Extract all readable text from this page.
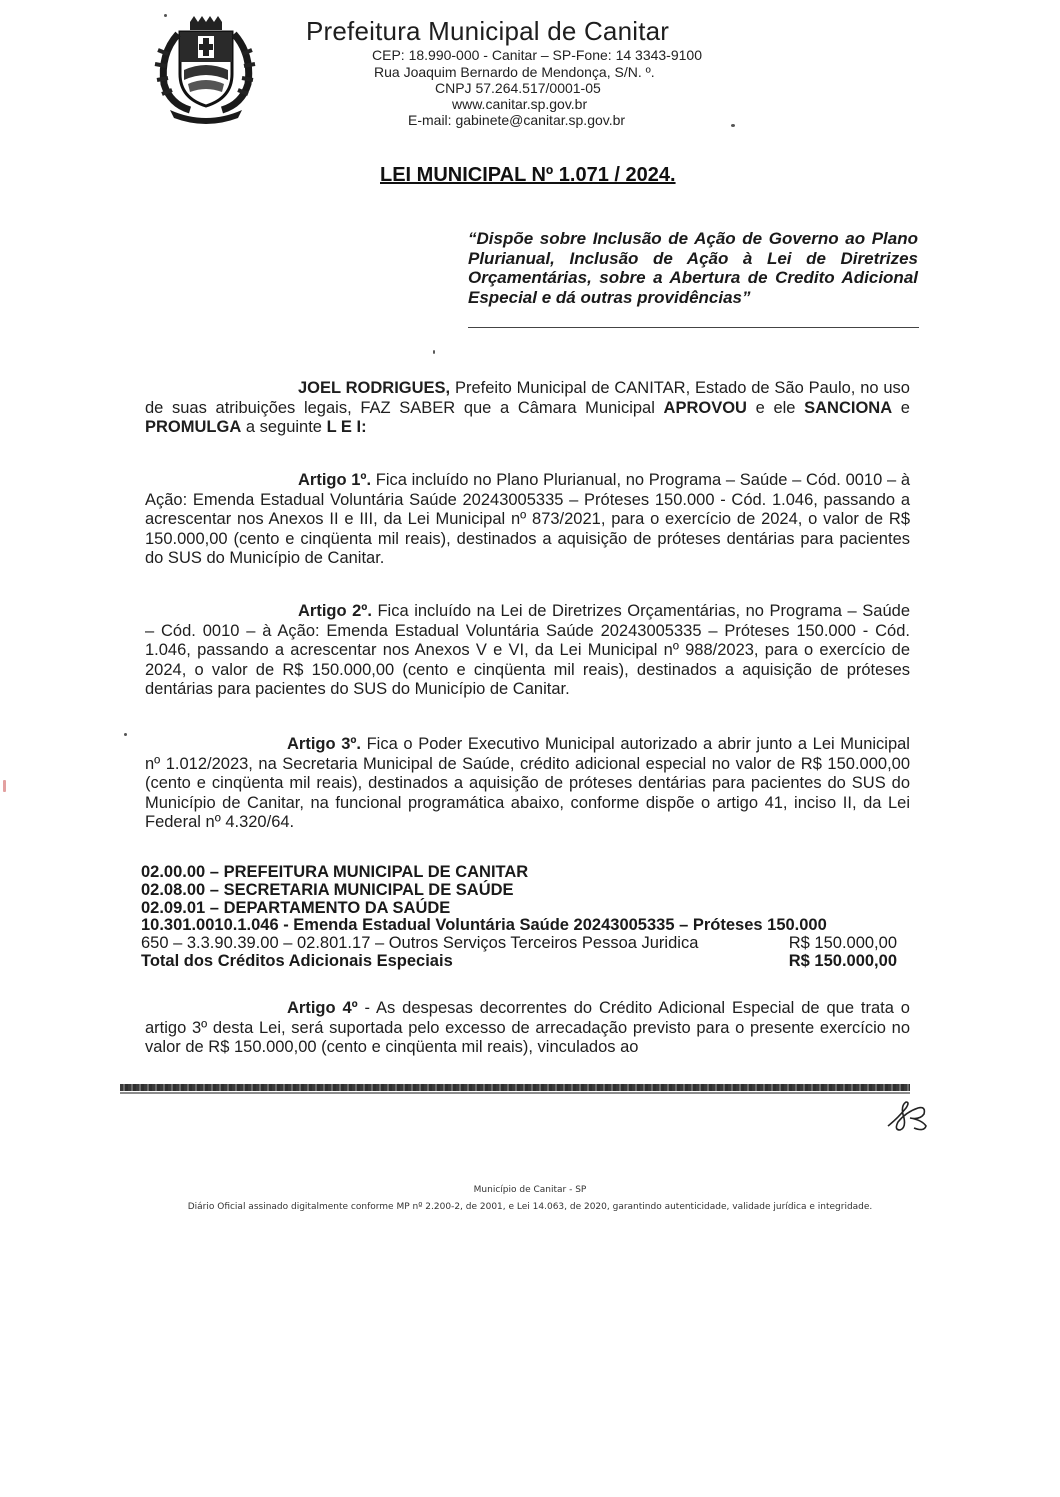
Prefeitura Municipal de Canitar
CEP: 18.990-000 - Canitar – SP-Fone: 14 3343-9100
Rua Joaquim Bernardo de Mendonça, S/N. º.
CNPJ 57.264.517/0001-05
www.canitar.sp.gov.br
E-mail: gabinete@canitar.sp.gov.br
LEI MUNICIPAL Nº 1.071 / 2024.
“Dispõe sobre Inclusão de Ação de Governo ao Plano Plurianual, Inclusão de Ação à Lei de Diretrizes Orçamentárias, sobre a Abertura de Credito Adicional Especial e dá outras providências”
JOEL RODRIGUES, Prefeito Municipal de CANITAR, Estado de São Paulo, no uso de suas atribuições legais, FAZ SABER que a Câmara Municipal APROVOU e ele SANCIONA e PROMULGA a seguinte L E I:
Artigo 1º. Fica incluído no Plano Plurianual, no Programa – Saúde – Cód. 0010 – à Ação: Emenda Estadual Voluntária Saúde 20243005335 – Próteses 150.000 - Cód. 1.046, passando a acrescentar nos Anexos II e III, da Lei Municipal nº 873/2021, para o exercício de 2024, o valor de R$ 150.000,00 (cento e cinqüenta mil reais), destinados a aquisição de próteses dentárias para pacientes do SUS do Município de Canitar.
Artigo 2º. Fica incluído na Lei de Diretrizes Orçamentárias, no Programa – Saúde – Cód. 0010 – à Ação: Emenda Estadual Voluntária Saúde 20243005335 – Próteses 150.000 - Cód. 1.046, passando a acrescentar nos Anexos V e VI, da Lei Municipal nº 988/2023, para o exercício de 2024, o valor de R$ 150.000,00 (cento e cinqüenta mil reais), destinados a aquisição de próteses dentárias para pacientes do SUS do Município de Canitar.
Artigo 3º. Fica o Poder Executivo Municipal autorizado a abrir junto a Lei Municipal nº 1.012/2023, na Secretaria Municipal de Saúde, crédito adicional especial no valor de R$ 150.000,00 (cento e cinqüenta mil reais), destinados a aquisição de próteses dentárias para pacientes do SUS do Município de Canitar, na funcional programática abaixo, conforme dispõe o artigo 41, inciso II, da Lei Federal nº 4.320/64.
02.00.00 – PREFEITURA MUNICIPAL DE CANITAR
02.08.00 – SECRETARIA MUNICIPAL DE SAÚDE
02.09.01 – DEPARTAMENTO DA SAÚDE
10.301.0010.1.046 - Emenda Estadual Voluntária Saúde 20243005335 – Próteses 150.000
650 – 3.3.90.39.00 – 02.801.17 – Outros Serviços Terceiros Pessoa Juridica	R$ 150.000,00
Total dos Créditos Adicionais Especiais	R$ 150.000,00
Artigo 4º - As despesas decorrentes do Crédito Adicional Especial de que trata o artigo 3º desta Lei, será suportada pelo excesso de arrecadação previsto para o presente exercício no valor de R$ 150.000,00 (cento e cinqüenta mil reais), vinculados ao
Município de Canitar - SP
Diário Oficial assinado digitalmente conforme MP nº 2.200-2, de 2001, e Lei 14.063, de 2020, garantindo autenticidade, validade jurídica e integridade.
